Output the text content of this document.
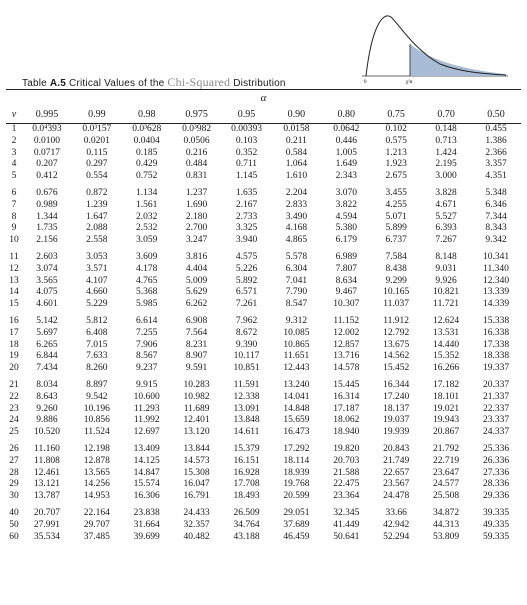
0	χ²α
Table A.5 Critical Values of the Chi-Squared Distribution
α
v	0.995	0.99	0.98	0.975	0.95	0.90	0.80	0.75	0.70	0.50
1	0.0⁴393	0.0³157	0.0³628	0.0³982	0.00393	0.0158	0.0642	0.102	0.148	0.455
2	0.0100	0.0201	0.0404	0.0506	0.103	0.211	0.446	0.575	0.713	1.386
3	0.0717	0.115	0.185	0.216	0.352	0.584	1.005	1.213	1.424	2.366
4	0.207	0.297	0.429	0.484	0.711	1.064	1.649	1.923	2.195	3.357
5	0.412	0.554	0.752	0.831	1.145	1.610	2.343	2.675	3.000	4.351
6	0.676	0.872	1.134	1.237	1.635	2.204	3.070	3.455	3.828	5.348
7	0.989	1.239	1.561	1.690	2.167	2.833	3.822	4.255	4.671	6.346
8	1.344	1.647	2.032	2.180	2.733	3.490	4.594	5.071	5.527	7.344
9	1.735	2.088	2.532	2.700	3.325	4.168	5.380	5.899	6.393	8.343
10	2.156	2.558	3.059	3.247	3.940	4.865	6.179	6.737	7.267	9.342
11	2.603	3.053	3.609	3.816	4.575	5.578	6.989	7.584	8.148	10.341
12	3.074	3.571	4.178	4.404	5.226	6.304	7.807	8.438	9.031	11.340
13	3.565	4.107	4.765	5.009	5.892	7.041	8.634	9.299	9.926	12.340
14	4.075	4.660	5.368	5.629	6.571	7.790	9.467	10.165	10.821	13.339
15	4.601	5.229	5.985	6.262	7.261	8.547	10.307	11.037	11.721	14.339
16	5.142	5.812	6.614	6.908	7.962	9.312	11.152	11.912	12.624	15.338
17	5.697	6.408	7.255	7.564	8.672	10.085	12.002	12.792	13.531	16.338
18	6.265	7.015	7.906	8.231	9.390	10.865	12.857	13.675	14.440	17.338
19	6.844	7.633	8.567	8.907	10.117	11.651	13.716	14.562	15.352	18.338
20	7.434	8.260	9.237	9.591	10.851	12.443	14.578	15.452	16.266	19.337
21	8.034	8.897	9.915	10.283	11.591	13.240	15.445	16.344	17.182	20.337
22	8.643	9.542	10.600	10.982	12.338	14.041	16.314	17.240	18.101	21.337
23	9.260	10.196	11.293	11.689	13.091	14.848	17.187	18.137	19.021	22.337
24	9.886	10.856	11.992	12.401	13.848	15.659	18.062	19.037	19.943	23.337
25	10.520	11.524	12.697	13.120	14.611	16.473	18.940	19.939	20.867	24.337
26	11.160	12.198	13.409	13.844	15.379	17.292	19.820	20.843	21.792	25.336
27	11.808	12.878	14.125	14.573	16.151	18.114	20.703	21.749	22.719	26.336
28	12.461	13.565	14.847	15.308	16.928	18.939	21.588	22.657	23.647	27.336
29	13.121	14.256	15.574	16.047	17.708	19.768	22.475	23.567	24.577	28.336
30	13.787	14.953	16.306	16.791	18.493	20.599	23.364	24.478	25.508	29.336
40	20.707	22.164	23.838	24.433	26.509	29.051	32.345	33.66	34.872	39.335
50	27.991	29.707	31.664	32.357	34.764	37.689	41.449	42.942	44.313	49.335
60	35.534	37.485	39.699	40.482	43.188	46.459	50.641	52.294	53.809	59.335
